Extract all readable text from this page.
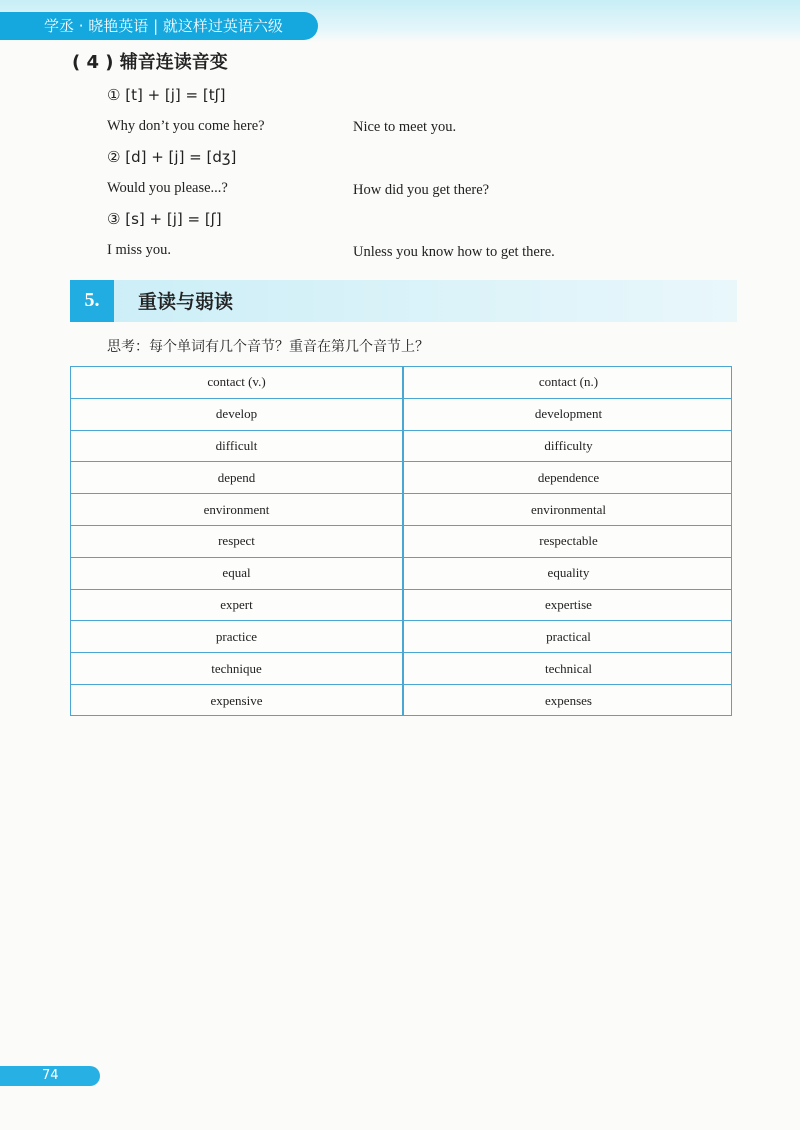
学丞 · 晓艳英语 | 就这样过英语六级
( 4 ) 辅音连读音变
① [t] + [j] = [tʃ]
Why don’t you come here?	Nice to meet you.
② [d] + [j] = [dʒ]
Would you please...?	How did you get there?
③ [s] + [j] = [ʃ]
I miss you.	Unless you know how to get there.
5.	重读与弱读
思考：每个单词有几个音节？重音在第几个音节上？
contact (v.)	contact (n.)
develop	development
difficult	difficulty
depend	dependence
environment	environmental
respect	respectable
equal	equality
expert	expertise
practice	practical
technique	technical
expensive	expenses
74
